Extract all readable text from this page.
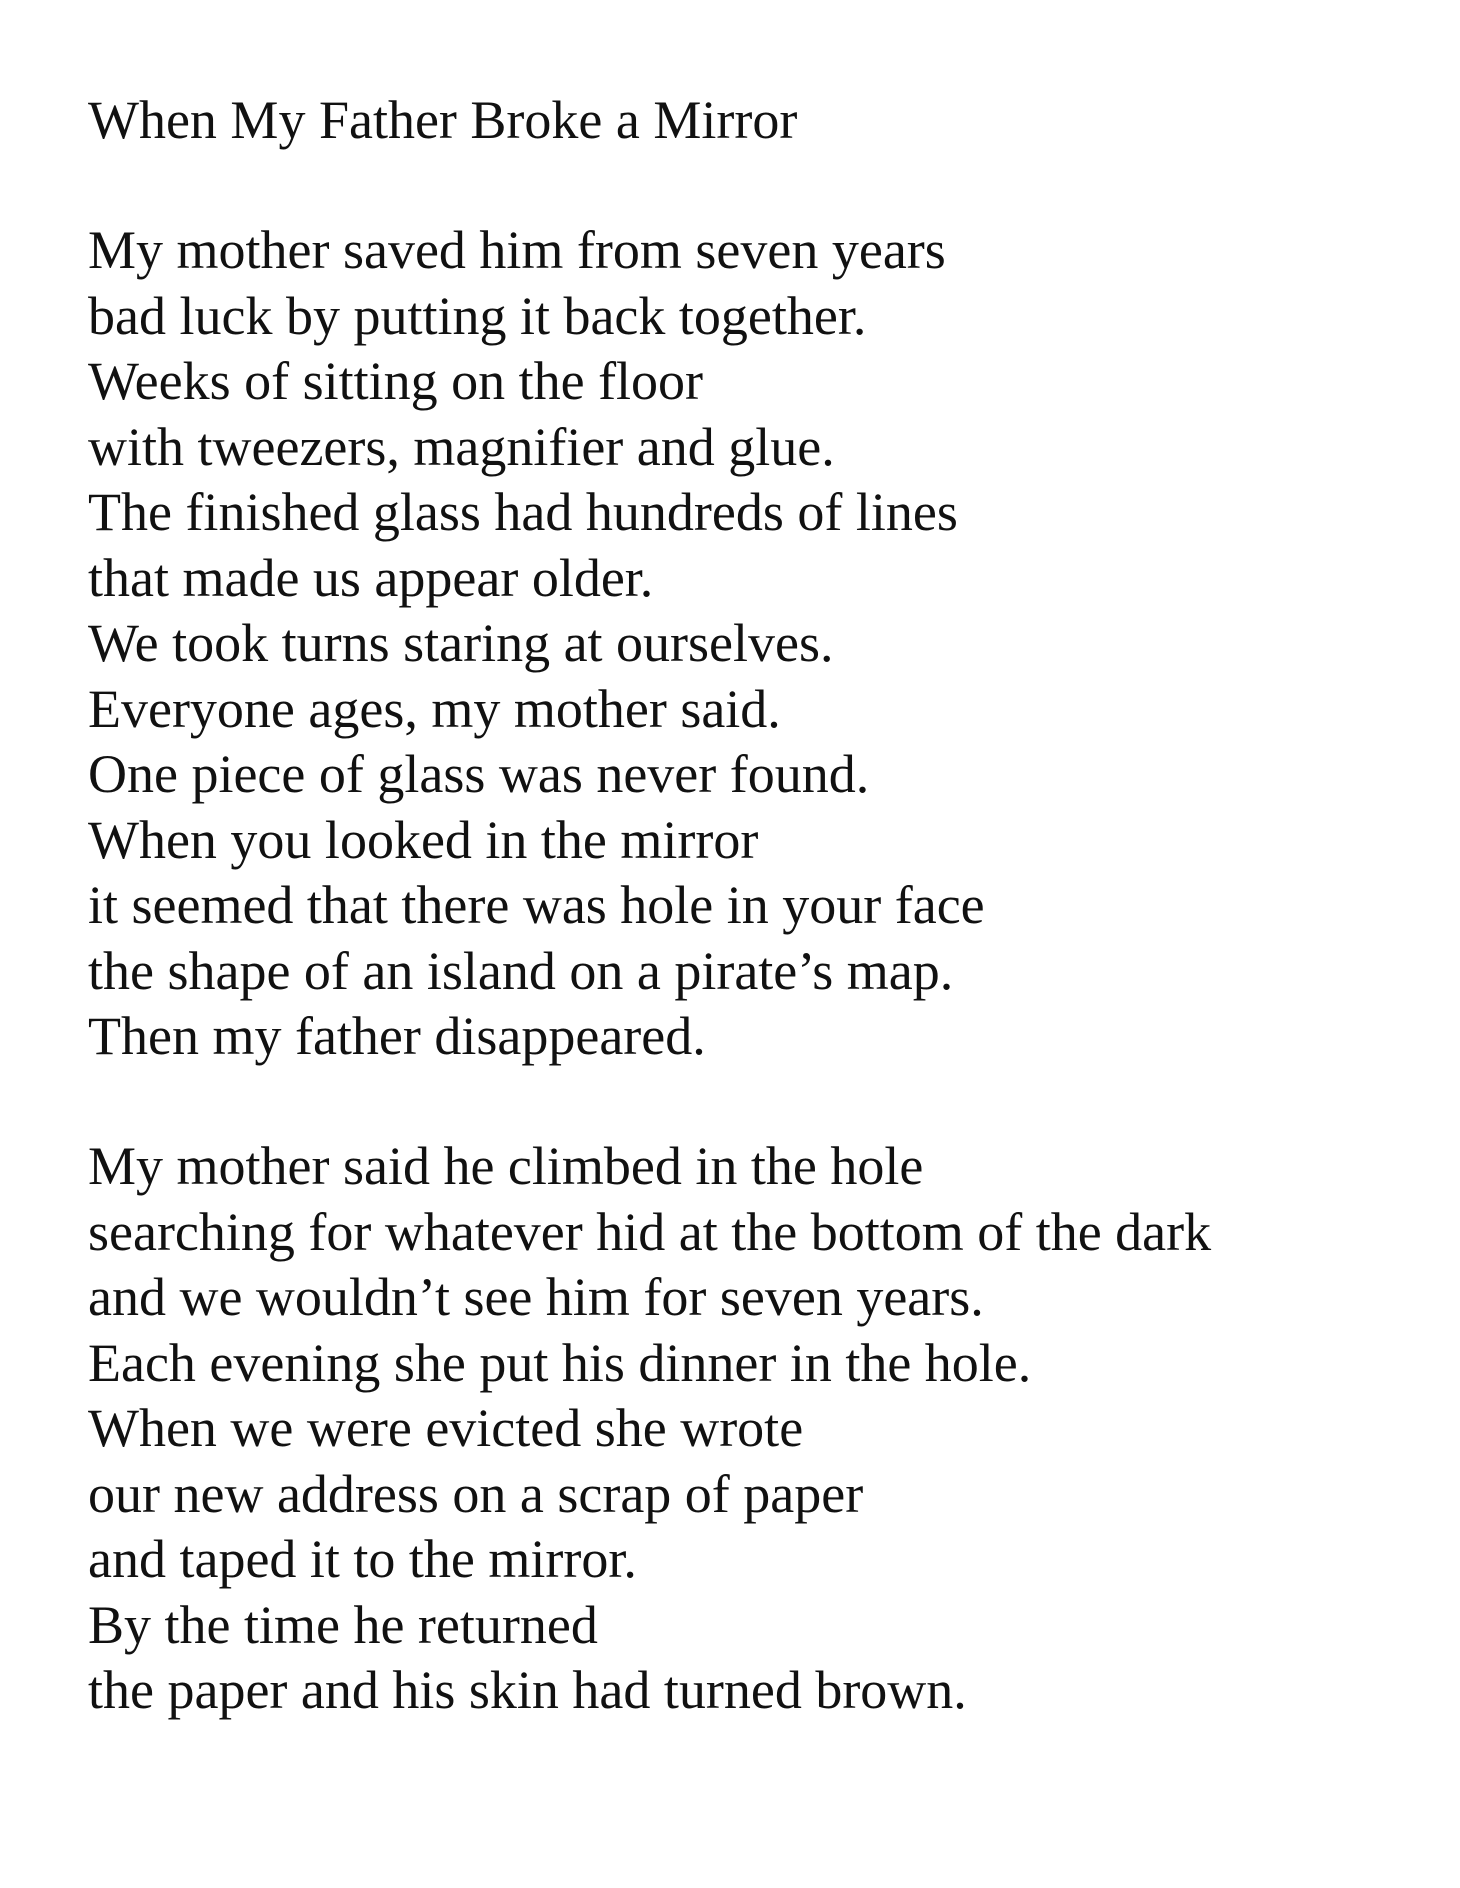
When My Father Broke a Mirror
My mother saved him from seven years
bad luck by putting it back together.
Weeks of sitting on the floor
with tweezers, magnifier and glue.
The finished glass had hundreds of lines
that made us appear older.
We took turns staring at ourselves.
Everyone ages, my mother said.
One piece of glass was never found.
When you looked in the mirror
it seemed that there was hole in your face
the shape of an island on a pirate’s map.
Then my father disappeared.
My mother said he climbed in the hole
searching for whatever hid at the bottom of the dark
and we wouldn’t see him for seven years.
Each evening she put his dinner in the hole.
When we were evicted she wrote
our new address on a scrap of paper
and taped it to the mirror.
By the time he returned
the paper and his skin had turned brown.
